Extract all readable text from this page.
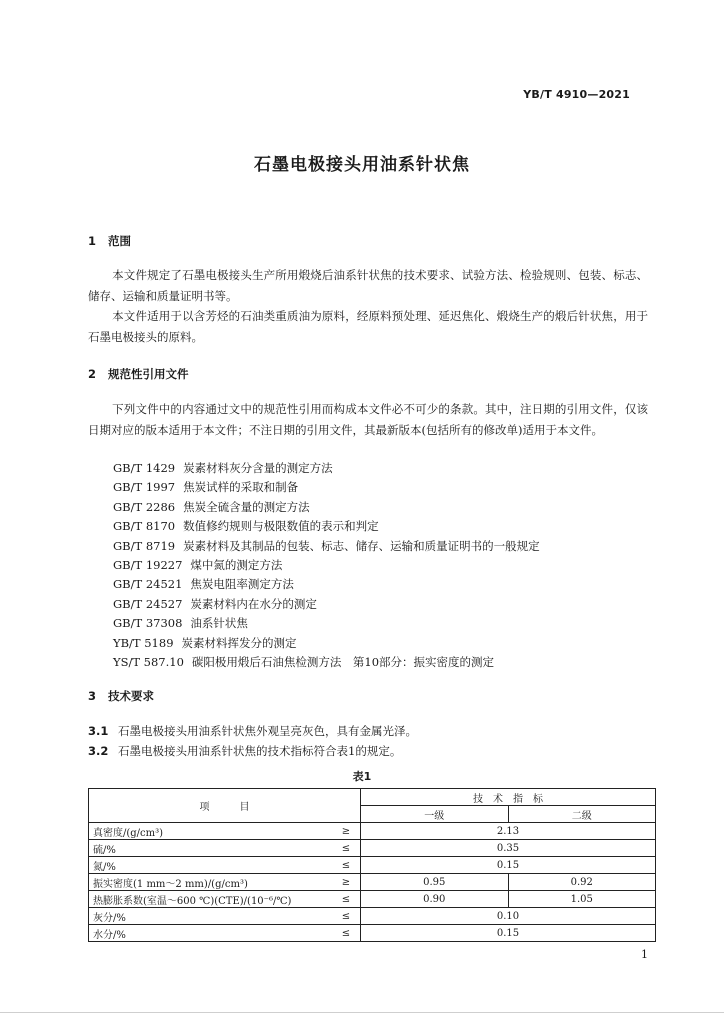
YB/T 4910—2021
石墨电极接头用油系针状焦
1 范围
本文件规定了石墨电极接头生产所用煅烧后油系针状焦的技术要求、试验方法、检验规则、包装、标志、储存、运输和质量证明书等。
本文件适用于以含芳烃的石油类重质油为原料，经原料预处理、延迟焦化、煅烧生产的煅后针状焦，用于石墨电极接头的原料。
2 规范性引用文件
下列文件中的内容通过文中的规范性引用而构成本文件必不可少的条款。其中，注日期的引用文件，仅该日期对应的版本适用于本文件；不注日期的引用文件，其最新版本(包括所有的修改单)适用于本文件。
GB/T 1429 炭素材料灰分含量的测定方法
GB/T 1997 焦炭试样的采取和制备
GB/T 2286 焦炭全硫含量的测定方法
GB/T 8170 数值修约规则与极限数值的表示和判定
GB/T 8719 炭素材料及其制品的包装、标志、储存、运输和质量证明书的一般规定
GB/T 19227 煤中氮的测定方法
GB/T 24521 焦炭电阻率测定方法
GB/T 24527 炭素材料内在水分的测定
GB/T 37308 油系针状焦
YB/T 5189 炭素材料挥发分的测定
YS/T 587.10 碳阳极用煅后石油焦检测方法　第10部分：振实密度的测定
3 技术要求
3.1 石墨电极接头用油系针状焦外观呈亮灰色，具有金属光泽。
3.2 石墨电极接头用油系针状焦的技术指标符合表1的规定。
表1
项　　　目		技　术　指　标	
		一级	二级
真密度/(g/cm³)	≥	2.13	
硫/%	≤	0.35	
氮/%	≤	0.15	
振实密度(1 mm～2 mm)/(g/cm³)	≥	0.95	0.92
热膨胀系数(室温～600 ℃)(CTE)/(10⁻⁶/℃)	≤	0.90	1.05
灰分/%	≤	0.10	
水分/%	≤	0.15	
1
